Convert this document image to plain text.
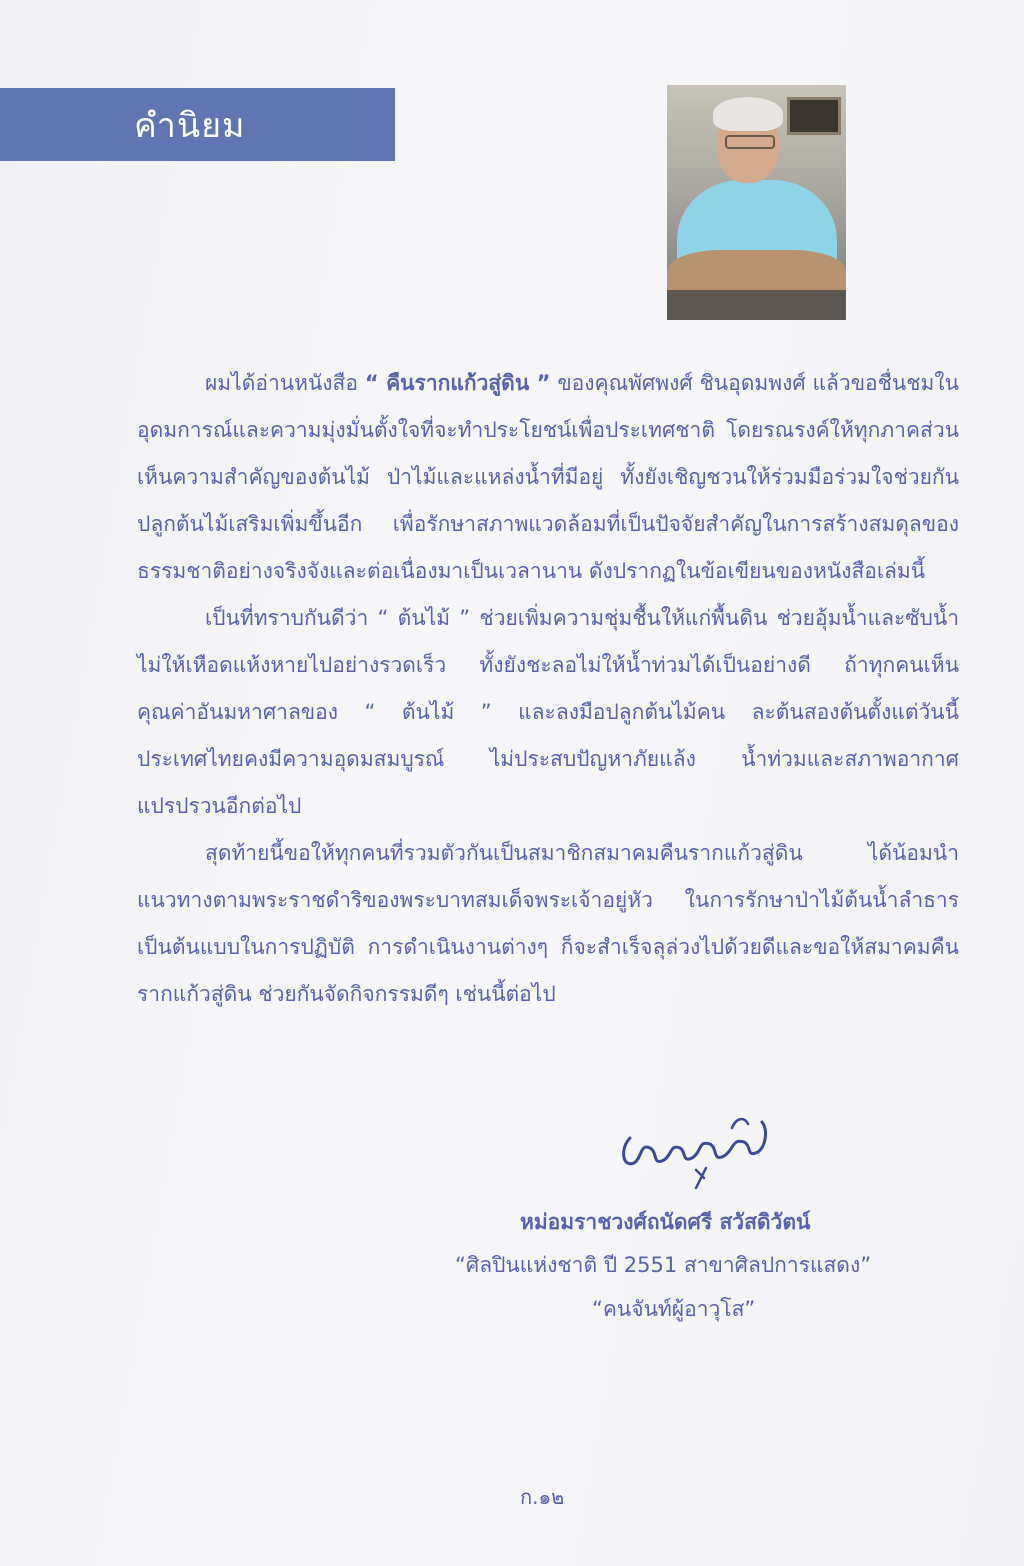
คำนิยม

ผมได้อ่านหนังสือ “ คืนรากแก้วสู่ดิน ” ของคุณพัศพงศ์ ชินอุดมพงศ์ แล้วขอชื่นชมในอุดมการณ์และความมุ่งมั่นตั้งใจที่จะทำประโยชน์เพื่อประเทศชาติ โดยรณรงค์ให้ทุกภาคส่วนเห็นความสำคัญของต้นไม้ ป่าไม้และแหล่งน้ำที่มีอยู่ ทั้งยังเชิญชวนให้ร่วมมือร่วมใจช่วยกันปลูกต้นไม้เสริมเพิ่มขึ้นอีก เพื่อรักษาสภาพแวดล้อมที่เป็นปัจจัยสำคัญในการสร้างสมดุลของธรรมชาติอย่างจริงจังและต่อเนื่องมาเป็นเวลานาน ดังปรากฏในข้อเขียนของหนังสือเล่มนี้

เป็นที่ทราบกันดีว่า “ ต้นไม้ ” ช่วยเพิ่มความชุ่มชื้นให้แก่พื้นดิน ช่วยอุ้มน้ำและซับน้ำไม่ให้เหือดแห้งหายไปอย่างรวดเร็ว ทั้งยังชะลอไม่ให้น้ำท่วมได้เป็นอย่างดี ถ้าทุกคนเห็นคุณค่าอันมหาศาลของ “ ต้นไม้ ” และลงมือปลูกต้นไม้คน ละต้นสองต้นตั้งแต่วันนี้ ประเทศไทยคงมีความอุดมสมบูรณ์ ไม่ประสบปัญหาภัยแล้ง น้ำท่วมและสภาพอากาศแปรปรวนอีกต่อไป

สุดท้ายนี้ขอให้ทุกคนที่รวมตัวกันเป็นสมาชิกสมาคมคืนรากแก้วสู่ดิน ได้น้อมนำแนวทางตามพระราชดำริของพระบาทสมเด็จพระเจ้าอยู่หัว ในการรักษาป่าไม้ต้นน้ำลำธารเป็นต้นแบบในการปฏิบัติ การดำเนินงานต่างๆ ก็จะสำเร็จลุล่วงไปด้วยดีและขอให้สมาคมคืนรากแก้วสู่ดิน ช่วยกันจัดกิจกรรมดีๆ เช่นนี้ต่อไป

หม่อมราชวงศ์ถนัดศรี สวัสดิวัตน์
“ศิลปินแห่งชาติ ปี 2551 สาขาศิลปการแสดง”
“คนจันท์ผู้อาวุโส”
ก.๑๒
